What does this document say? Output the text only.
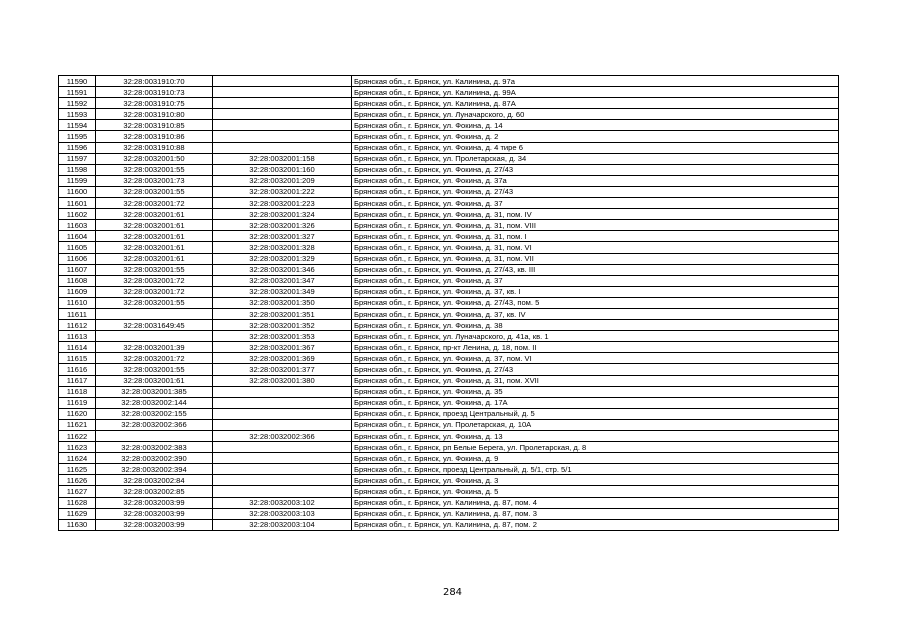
11590	32:28:0031910:70		Брянская обл., г. Брянск, ул. Калинина, д. 97а
11591	32:28:0031910:73		Брянская обл., г. Брянск, ул. Калинина, д. 99А
11592	32:28:0031910:75		Брянская обл., г. Брянск, ул. Калинина, д. 87А
11593	32:28:0031910:80		Брянская обл., г. Брянск, ул. Луначарского, д. 60
11594	32:28:0031910:85		Брянская обл., г. Брянск, ул. Фокина, д. 14
11595	32:28:0031910:86		Брянская обл., г. Брянск, ул. Фокина, д. 2
11596	32:28:0031910:88		Брянская обл., г. Брянск, ул. Фокина, д. 4 тире 6
11597	32:28:0032001:50	32:28:0032001:158	Брянская обл., г. Брянск, ул. Пролетарская, д. 34
11598	32:28:0032001:55	32:28:0032001:160	Брянская обл., г. Брянск, ул. Фокина, д. 27/43
11599	32:28:0032001:73	32:28:0032001:209	Брянская обл., г. Брянск, ул. Фокина, д. 37а
11600	32:28:0032001:55	32:28:0032001:222	Брянская обл., г. Брянск, ул. Фокина, д. 27/43
11601	32:28:0032001:72	32:28:0032001:223	Брянская обл., г. Брянск, ул. Фокина, д. 37
11602	32:28:0032001:61	32:28:0032001:324	Брянская обл., г. Брянск, ул. Фокина, д. 31, пом. IV
11603	32:28:0032001:61	32:28:0032001:326	Брянская обл., г. Брянск, ул. Фокина, д. 31, пом. VIII
11604	32:28:0032001:61	32:28:0032001:327	Брянская обл., г. Брянск, ул. Фокина, д. 31, пом. I
11605	32:28:0032001:61	32:28:0032001:328	Брянская обл., г. Брянск, ул. Фокина, д. 31, пом. VI
11606	32:28:0032001:61	32:28:0032001:329	Брянская обл., г. Брянск, ул. Фокина, д. 31, пом. VII
11607	32:28:0032001:55	32:28:0032001:346	Брянская обл., г. Брянск, ул. Фокина, д. 27/43, кв. III
11608	32:28:0032001:72	32:28:0032001:347	Брянская обл., г. Брянск, ул. Фокина, д. 37
11609	32:28:0032001:72	32:28:0032001:349	Брянская обл., г. Брянск, ул. Фокина, д. 37, кв. I
11610	32:28:0032001:55	32:28:0032001:350	Брянская обл., г. Брянск, ул. Фокина, д. 27/43, пом. 5
11611		32:28:0032001:351	Брянская обл., г. Брянск, ул. Фокина, д. 37, кв. IV
11612	32:28:0031649:45	32:28:0032001:352	Брянская обл., г. Брянск, ул. Фокина, д. 38
11613		32:28:0032001:353	Брянская обл., г. Брянск, ул. Луначарского, д. 41а, кв. 1
11614	32:28:0032001:39	32:28:0032001:367	Брянская обл., г. Брянск, пр-кт Ленина, д. 18, пом. II
11615	32:28:0032001:72	32:28:0032001:369	Брянская обл., г. Брянск, ул. Фокина, д. 37, пом. VI
11616	32:28:0032001:55	32:28:0032001:377	Брянская обл., г. Брянск, ул. Фокина, д. 27/43
11617	32:28:0032001:61	32:28:0032001:380	Брянская обл., г. Брянск, ул. Фокина, д. 31, пом. XVII
11618	32:28:0032001:385		Брянская обл., г. Брянск, ул. Фокина, д. 35
11619	32:28:0032002:144		Брянская обл., г. Брянск, ул. Фокина, д. 17А
11620	32:28:0032002:155		Брянская обл., г. Брянск, проезд Центральный, д. 5
11621	32:28:0032002:366		Брянская обл., г. Брянск, ул. Пролетарская, д. 10А
11622		32:28:0032002:366	Брянская обл., г. Брянск, ул. Фокина, д. 13
11623	32:28:0032002:383		Брянская обл., г. Брянск, рп Белые Берега, ул. Пролетарская, д. 8
11624	32:28:0032002:390		Брянская обл., г. Брянск, ул. Фокина, д. 9
11625	32:28:0032002:394		Брянская обл., г. Брянск, проезд Центральный, д. 5/1, стр. 5/1
11626	32:28:0032002:84		Брянская обл., г. Брянск, ул. Фокина, д. 3
11627	32:28:0032002:85		Брянская обл., г. Брянск, ул. Фокина, д. 5
11628	32:28:0032003:99	32:28:0032003:102	Брянская обл., г. Брянск, ул. Калинина, д. 87, пом. 4
11629	32:28:0032003:99	32:28:0032003:103	Брянская обл., г. Брянск, ул. Калинина, д. 87, пом. 3
11630	32:28:0032003:99	32:28:0032003:104	Брянская обл., г. Брянск, ул. Калинина, д. 87, пом. 2
284
